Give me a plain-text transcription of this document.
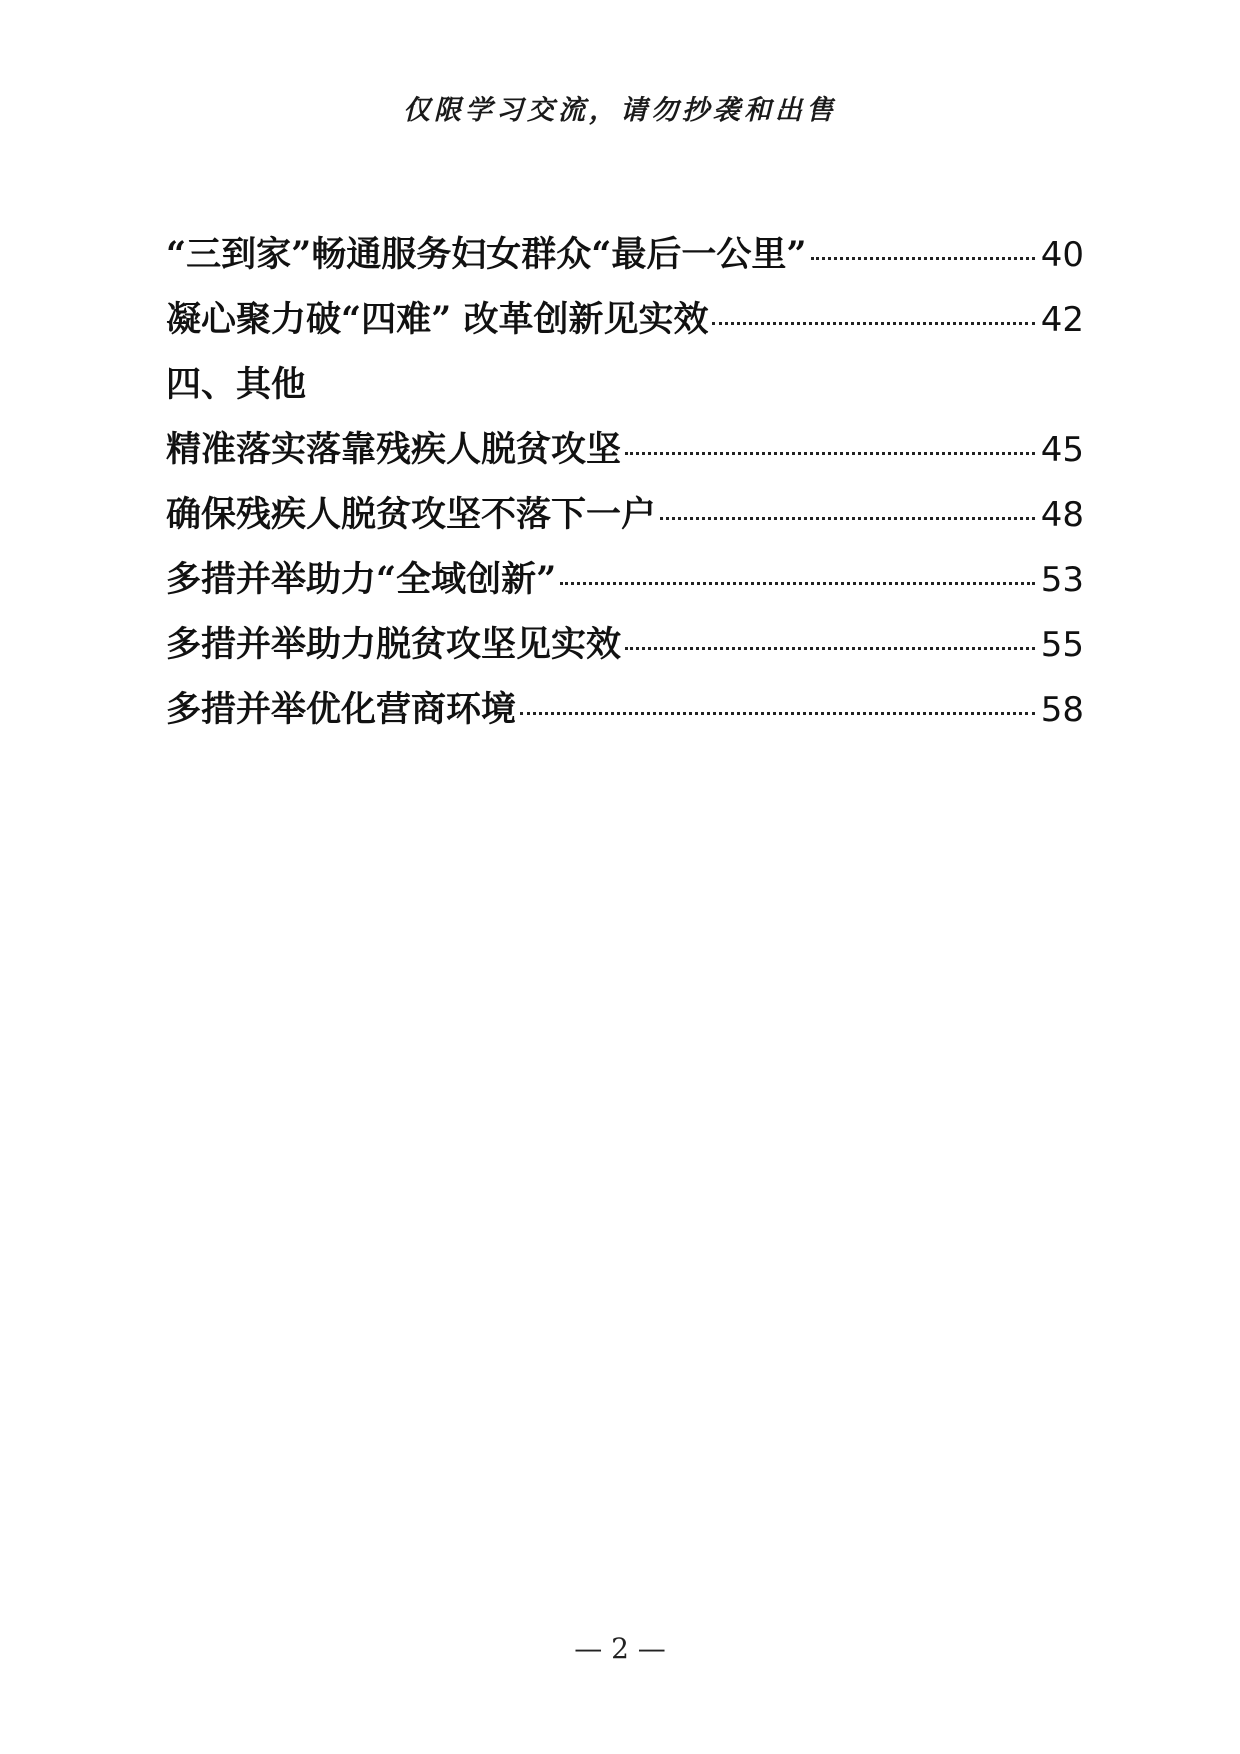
仅限学习交流，请勿抄袭和出售
“三到家”畅通服务妇女群众“最后一公里”	40
凝心聚力破“四难” 改革创新见实效	42
四、其他
精准落实落靠残疾人脱贫攻坚	45
确保残疾人脱贫攻坚不落下一户	48
多措并举助力“全域创新”	53
多措并举助力脱贫攻坚见实效	55
多措并举优化营商环境	58
— 2 —
